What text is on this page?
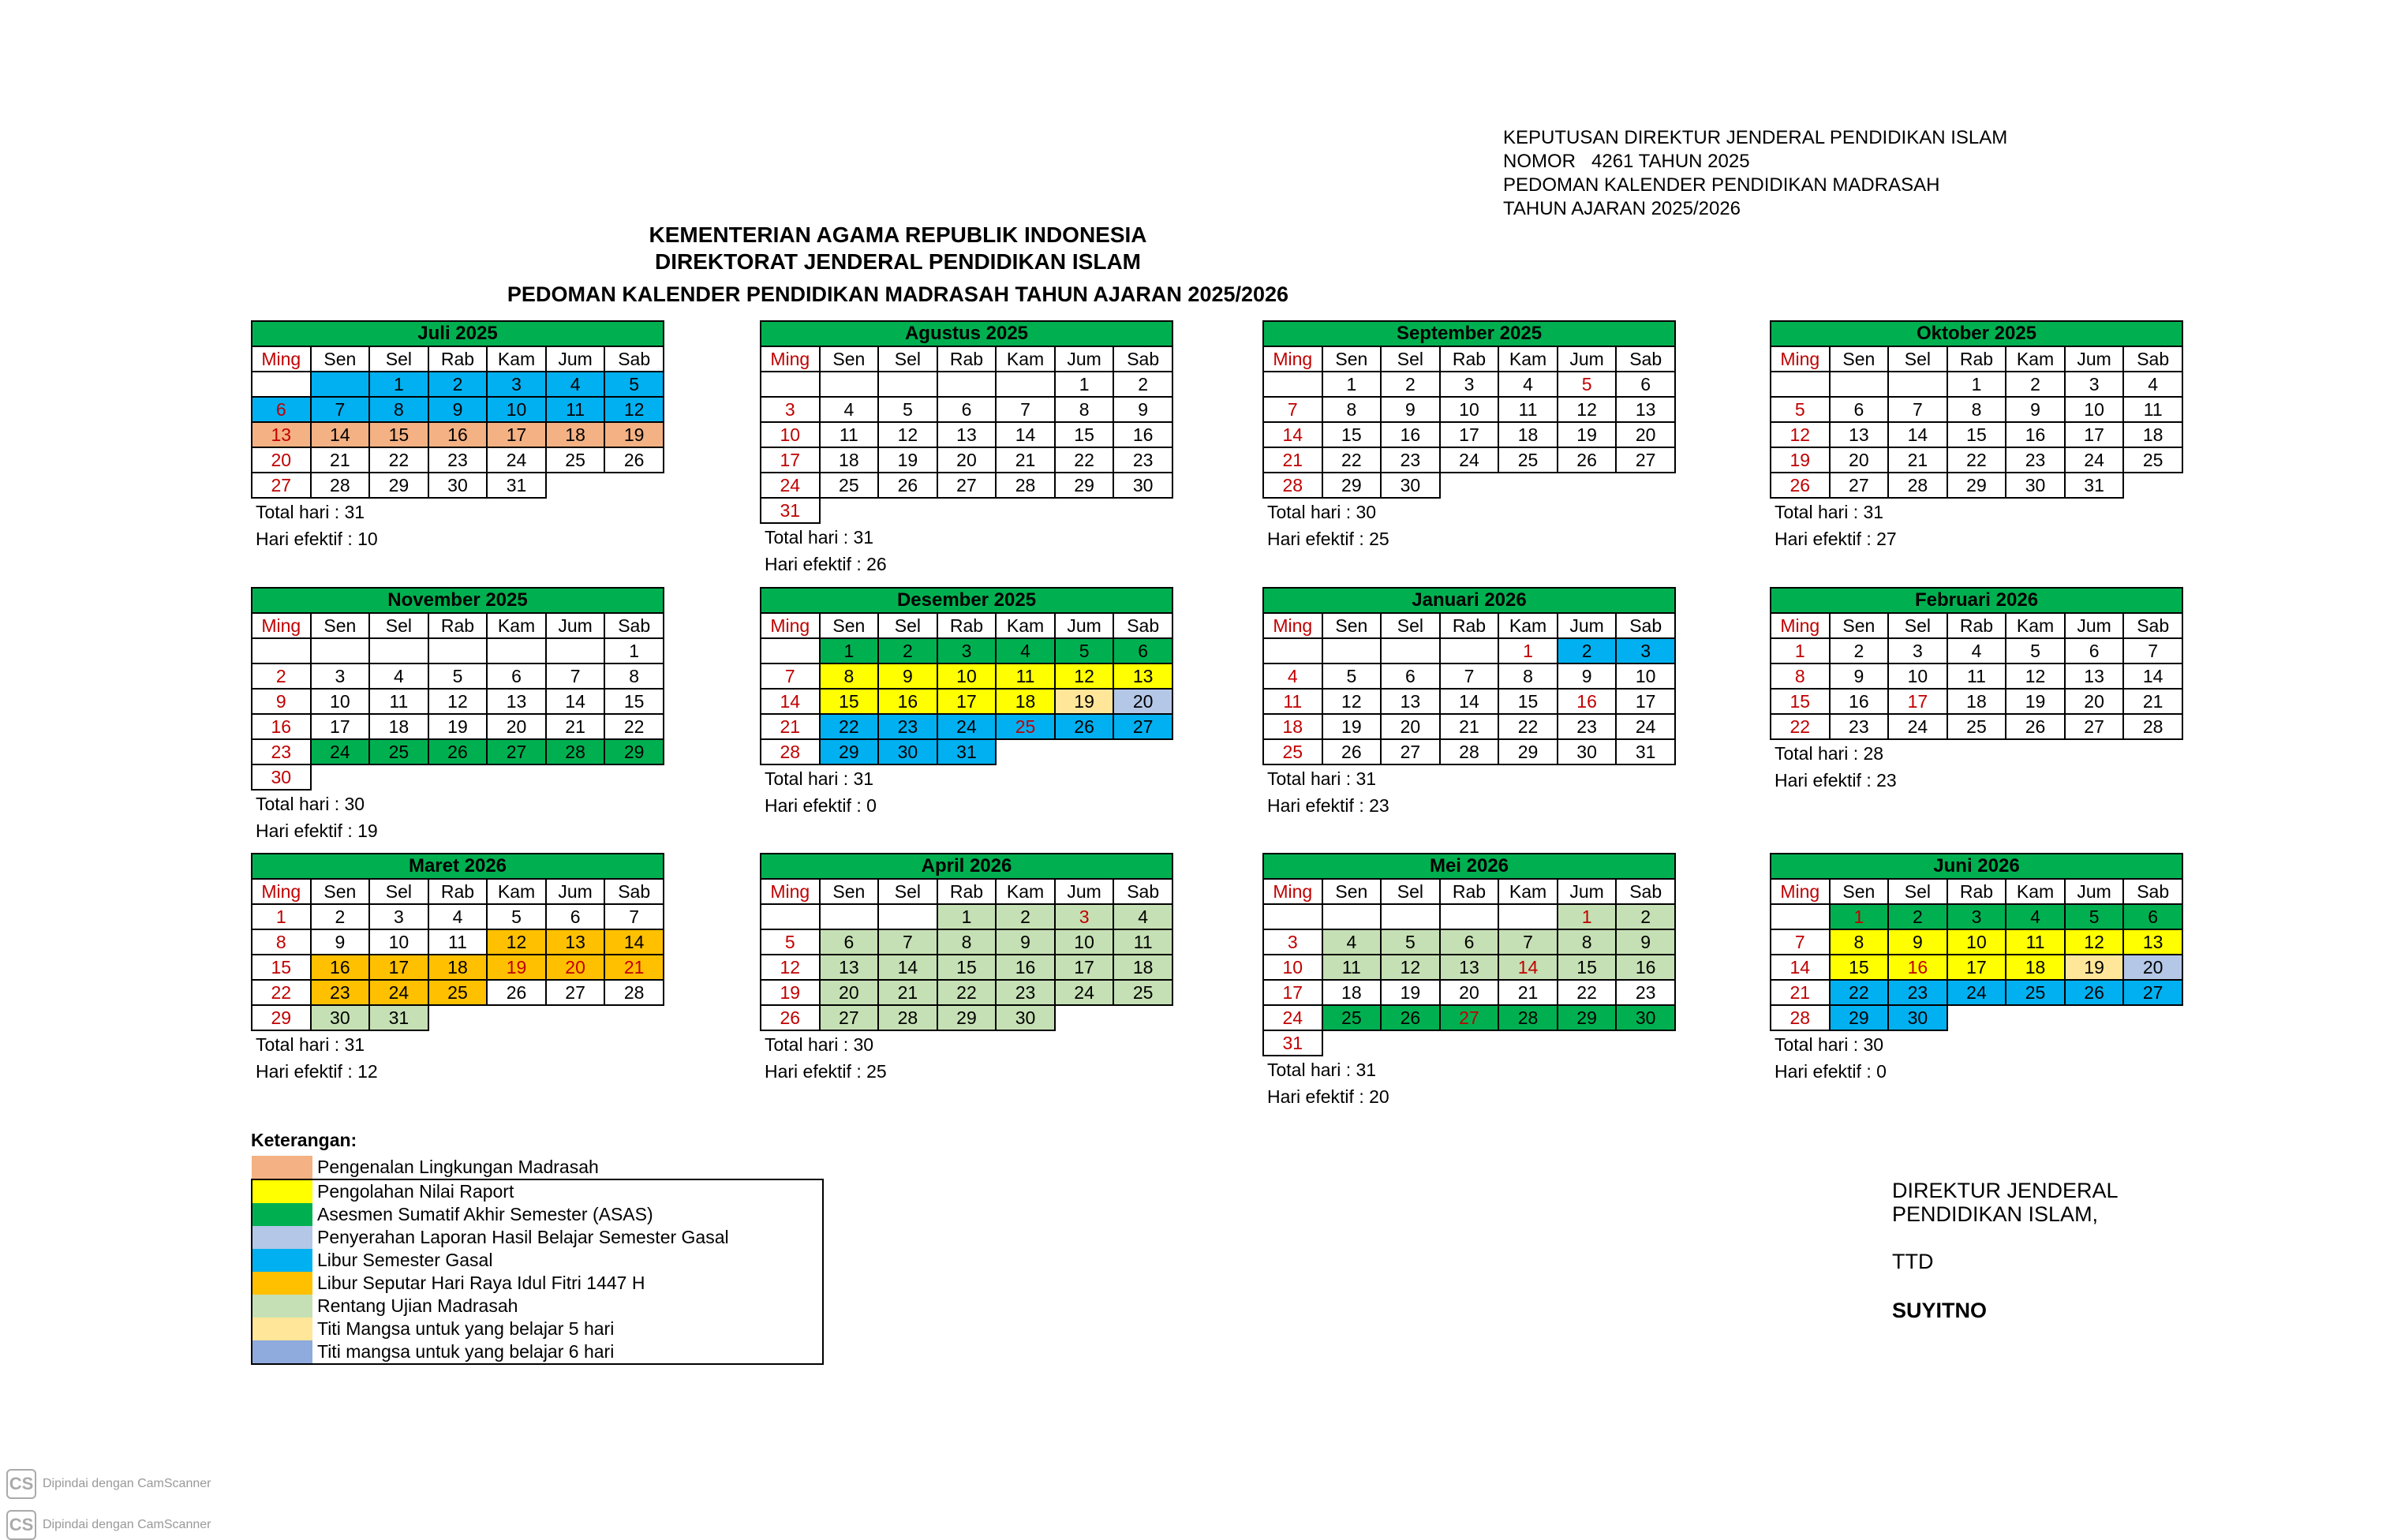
KEPUTUSAN DIREKTUR JENDERAL PENDIDIKAN ISLAM
NOMOR   4261 TAHUN 2025
PEDOMAN KALENDER PENDIDIKAN MADRASAH
TAHUN AJARAN 2025/2026
KEMENTERIAN AGAMA REPUBLIK INDONESIA
DIREKTORAT JENDERAL PENDIDIKAN ISLAM
PEDOMAN KALENDER PENDIDIKAN MADRASAH TAHUN AJARAN 2025/2026
Juli 2025						
Ming	Sen	Sel	Rab	Kam	Jum	Sab
		1	2	3	4	5
6	7	8	9	10	11	12
13	14	15	16	17	18	19
20	21	22	23	24	25	26
27	28	29	30	31		
Total hari : 31
Hari efektif : 10
Agustus 2025						
Ming	Sen	Sel	Rab	Kam	Jum	Sab
					1	2
3	4	5	6	7	8	9
10	11	12	13	14	15	16
17	18	19	20	21	22	23
24	25	26	27	28	29	30
31						
Total hari : 31
Hari efektif : 26
September 2025						
Ming	Sen	Sel	Rab	Kam	Jum	Sab
	1	2	3	4	5	6
7	8	9	10	11	12	13
14	15	16	17	18	19	20
21	22	23	24	25	26	27
28	29	30				
Total hari : 30
Hari efektif : 25
Oktober 2025						
Ming	Sen	Sel	Rab	Kam	Jum	Sab
			1	2	3	4
5	6	7	8	9	10	11
12	13	14	15	16	17	18
19	20	21	22	23	24	25
26	27	28	29	30	31	
Total hari : 31
Hari efektif : 27
November 2025						
Ming	Sen	Sel	Rab	Kam	Jum	Sab
						1
2	3	4	5	6	7	8
9	10	11	12	13	14	15
16	17	18	19	20	21	22
23	24	25	26	27	28	29
30						
Total hari : 30
Hari efektif : 19
Desember 2025						
Ming	Sen	Sel	Rab	Kam	Jum	Sab
	1	2	3	4	5	6
7	8	9	10	11	12	13
14	15	16	17	18	19	20
21	22	23	24	25	26	27
28	29	30	31			
Total hari : 31
Hari efektif : 0
Januari 2026						
Ming	Sen	Sel	Rab	Kam	Jum	Sab
				1	2	3
4	5	6	7	8	9	10
11	12	13	14	15	16	17
18	19	20	21	22	23	24
25	26	27	28	29	30	31
Total hari : 31
Hari efektif : 23
Februari 2026						
Ming	Sen	Sel	Rab	Kam	Jum	Sab
1	2	3	4	5	6	7
8	9	10	11	12	13	14
15	16	17	18	19	20	21
22	23	24	25	26	27	28
Total hari : 28
Hari efektif : 23
Maret 2026						
Ming	Sen	Sel	Rab	Kam	Jum	Sab
1	2	3	4	5	6	7
8	9	10	11	12	13	14
15	16	17	18	19	20	21
22	23	24	25	26	27	28
29	30	31				
Total hari : 31
Hari efektif : 12
April 2026						
Ming	Sen	Sel	Rab	Kam	Jum	Sab
			1	2	3	4
5	6	7	8	9	10	11
12	13	14	15	16	17	18
19	20	21	22	23	24	25
26	27	28	29	30		
Total hari : 30
Hari efektif : 25
Mei 2026						
Ming	Sen	Sel	Rab	Kam	Jum	Sab
					1	2
3	4	5	6	7	8	9
10	11	12	13	14	15	16
17	18	19	20	21	22	23
24	25	26	27	28	29	30
31						
Total hari : 31
Hari efektif : 20
Juni 2026						
Ming	Sen	Sel	Rab	Kam	Jum	Sab
	1	2	3	4	5	6
7	8	9	10	11	12	13
14	15	16	17	18	19	20
21	22	23	24	25	26	27
28	29	30				
Total hari : 30
Hari efektif : 0
Keterangan:
	Pengenalan Lingkungan Madrasah
	Pengolahan Nilai Raport
	Asesmen Sumatif Akhir Semester (ASAS)
	Penyerahan Laporan Hasil Belajar Semester Gasal
	Libur Semester Gasal
	Libur Seputar Hari Raya Idul Fitri 1447 H
	Rentang Ujian Madrasah
	Titi Mangsa untuk yang belajar 5 hari
	Titi mangsa untuk yang belajar 6 hari
DIREKTUR JENDERAL
PENDIDIKAN ISLAM,
TTD
SUYITNO
CS Dipindai dengan CamScanner
CS Dipindai dengan CamScanner
